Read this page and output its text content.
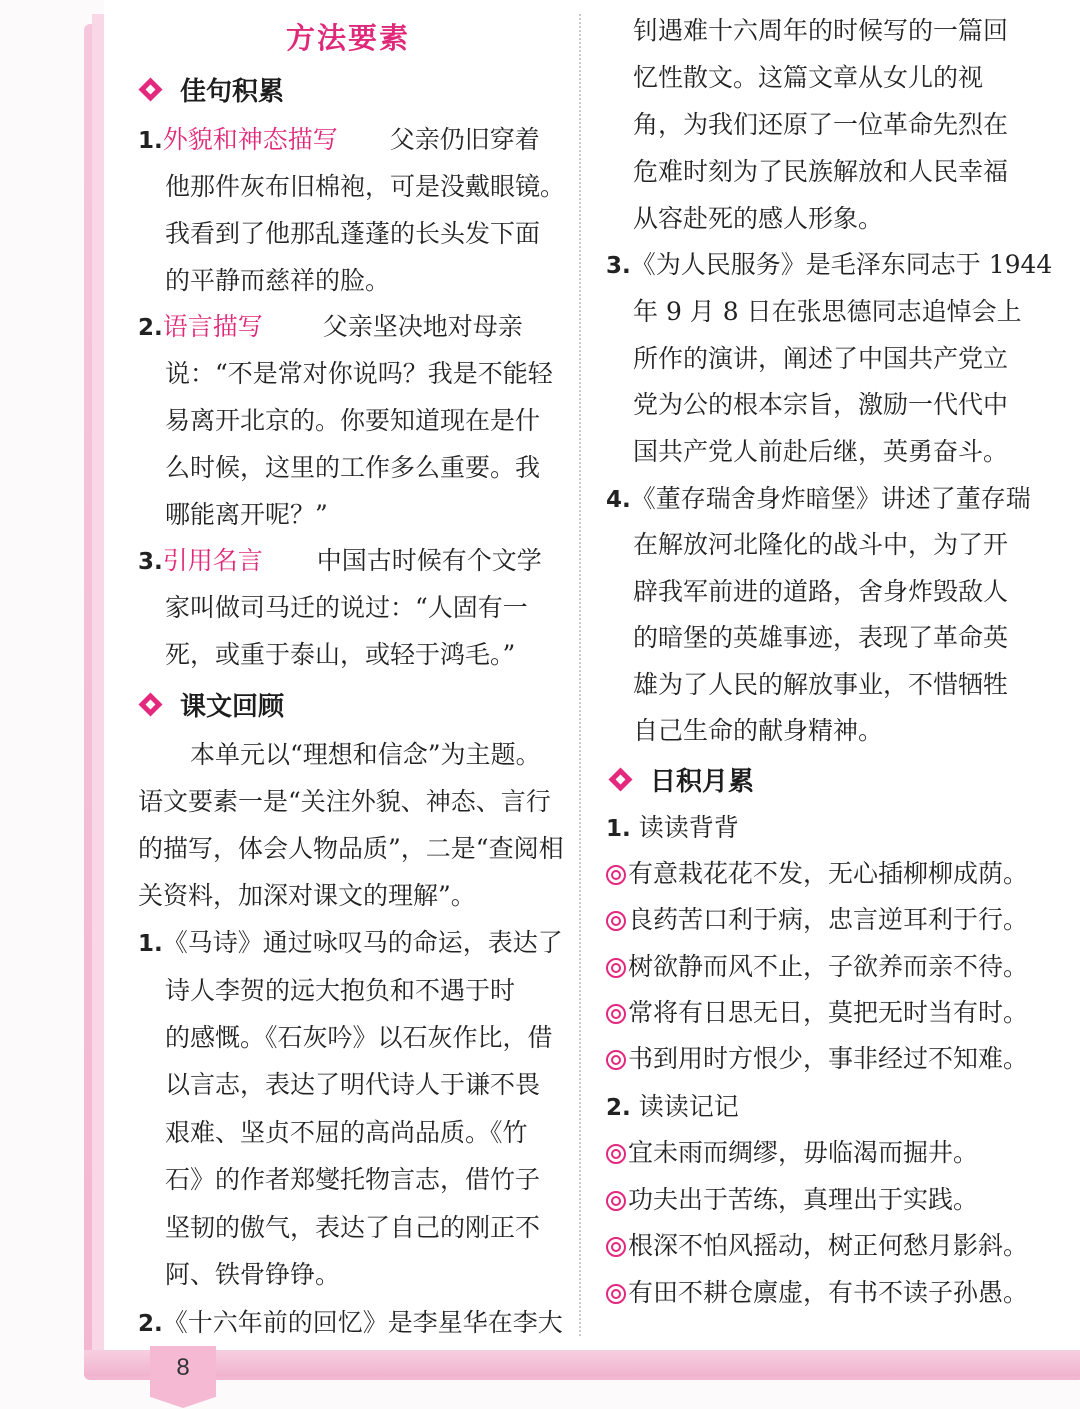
8
方法要素
佳句积累
1.外貌和神态描写 父亲仍旧穿着
他那件灰布旧棉袍，可是没戴眼镜。
我看到了他那乱蓬蓬的长头发下面
的平静而慈祥的脸。
2.语言描写 父亲坚决地对母亲
说：“不是常对你说吗？我是不能轻
易离开北京的。你要知道现在是什
么时候，这里的工作多么重要。我
哪能离开呢？”
3.引用名言 中国古时候有个文学
家叫做司马迁的说过：“人固有一
死，或重于泰山，或轻于鸿毛。”
课文回顾
本单元以“理想和信念”为主题。
语文要素一是“关注外貌、神态、言行
的描写，体会人物品质”，二是“查阅相
关资料，加深对课文的理解”。
1.《马诗》通过咏叹马的命运，表达了
诗人李贺的远大抱负和不遇于时
的感慨。《石灰吟》以石灰作比，借
以言志，表达了明代诗人于谦不畏
艰难、坚贞不屈的高尚品质。《竹
石》的作者郑燮托物言志，借竹子
坚韧的傲气，表达了自己的刚正不
阿、铁骨铮铮。
2.《十六年前的回忆》是李星华在李大
钊遇难十六周年的时候写的一篇回
忆性散文。这篇文章从女儿的视
角，为我们还原了一位革命先烈在
危难时刻为了民族解放和人民幸福
从容赴死的感人形象。
3.《为人民服务》是毛泽东同志于 1944
年 9 月 8 日在张思德同志追悼会上
所作的演讲，阐述了中国共产党立
党为公的根本宗旨，激励一代代中
国共产党人前赴后继，英勇奋斗。
4.《董存瑞舍身炸暗堡》讲述了董存瑞
在解放河北隆化的战斗中，为了开
辟我军前进的道路，舍身炸毁敌人
的暗堡的英雄事迹，表现了革命英
雄为了人民的解放事业，不惜牺牲
自己生命的献身精神。
日积月累
1. 读读背背
有意栽花花不发，无心插柳柳成荫。
良药苦口利于病，忠言逆耳利于行。
树欲静而风不止，子欲养而亲不待。
常将有日思无日，莫把无时当有时。
书到用时方恨少，事非经过不知难。
2. 读读记记
宜未雨而绸缪，毋临渴而掘井。
功夫出于苦练，真理出于实践。
根深不怕风摇动，树正何愁月影斜。
有田不耕仓廪虚，有书不读子孙愚。
